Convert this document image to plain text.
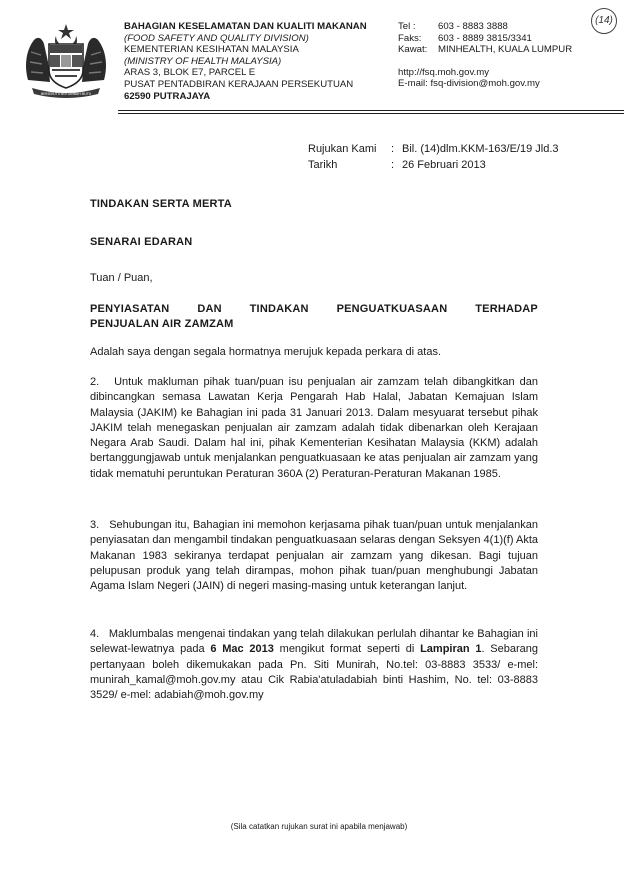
BERSEKUTU BERTAMBAH MUTU
BAHAGIAN KESELAMATAN DAN KUALITI MAKANAN
(FOOD SAFETY AND QUALITY DIVISION)
KEMENTERIAN KESIHATAN MALAYSIA
(MINISTRY OF HEALTH MALAYSIA)
ARAS 3, BLOK E7, PARCEL E
PUSAT PENTADBIRAN KERAJAAN PERSEKUTUAN
62590 PUTRAJAYA
Tel :	603 - 8883 3888
Faks:	603 - 8889 3815/3341
Kawat:	MINHEALTH, KUALA LUMPUR
http://fsq.moh.gov.my
E-mail: fsq-division@moh.gov.my
(14)
Rujukan Kami	: Bil. (14)dlm.KKM-163/E/19 Jld.3
Tarikh	: 26 Februari 2013
TINDAKAN SERTA MERTA
SENARAI EDARAN
Tuan / Puan,
PENYIASATAN	DAN	TINDAKAN	PENGUATKUASAAN	TERHADAP
PENJUALAN AIR ZAMZAM
Adalah saya dengan segala hormatnya merujuk kepada perkara di atas.
2.   Untuk makluman pihak tuan/puan isu penjualan air zamzam telah dibangkitkan dan dibincangkan semasa Lawatan Kerja Pengarah Hab Halal, Jabatan Kemajuan Islam Malaysia (JAKIM) ke Bahagian ini pada 31 Januari 2013. Dalam mesyuarat tersebut pihak JAKIM telah menegaskan penjualan air zamzam adalah tidak dibenarkan oleh Kerajaan Negara Arab Saudi. Dalam hal ini, pihak Kementerian Kesihatan Malaysia (KKM) adalah bertanggungjawab untuk menjalankan penguatkuasaan ke atas penjualan air zamzam yang tidak mematuhi peruntukan Peraturan 360A (2) Peraturan-Peraturan Makanan 1985.
3.   Sehubungan itu, Bahagian ini memohon kerjasama pihak tuan/puan untuk menjalankan penyiasatan dan mengambil tindakan penguatkuasaan selaras dengan Seksyen 4(1)(f) Akta Makanan 1983 sekiranya terdapat penjualan air zamzam yang dikesan. Bagi tujuan pelupusan produk yang telah dirampas, mohon pihak tuan/puan menghubungi Jabatan Agama Islam Negeri (JAIN) di negeri masing-masing untuk keterangan lanjut.
4.   Maklumbalas mengenai tindakan yang telah dilakukan perlulah dihantar ke Bahagian ini selewat-lewatnya pada 6 Mac 2013 mengikut format seperti di Lampiran 1. Sebarang pertanyaan boleh dikemukakan pada Pn. Siti Munirah, No.tel: 03-8883 3533/ e-mel: munirah_kamal@moh.gov.my atau Cik Rabia'atuladabiah binti Hashim, No. tel: 03-8883 3529/ e-mel: adabiah@moh.gov.my
(Sila catatkan rujukan surat ini apabila menjawab)
